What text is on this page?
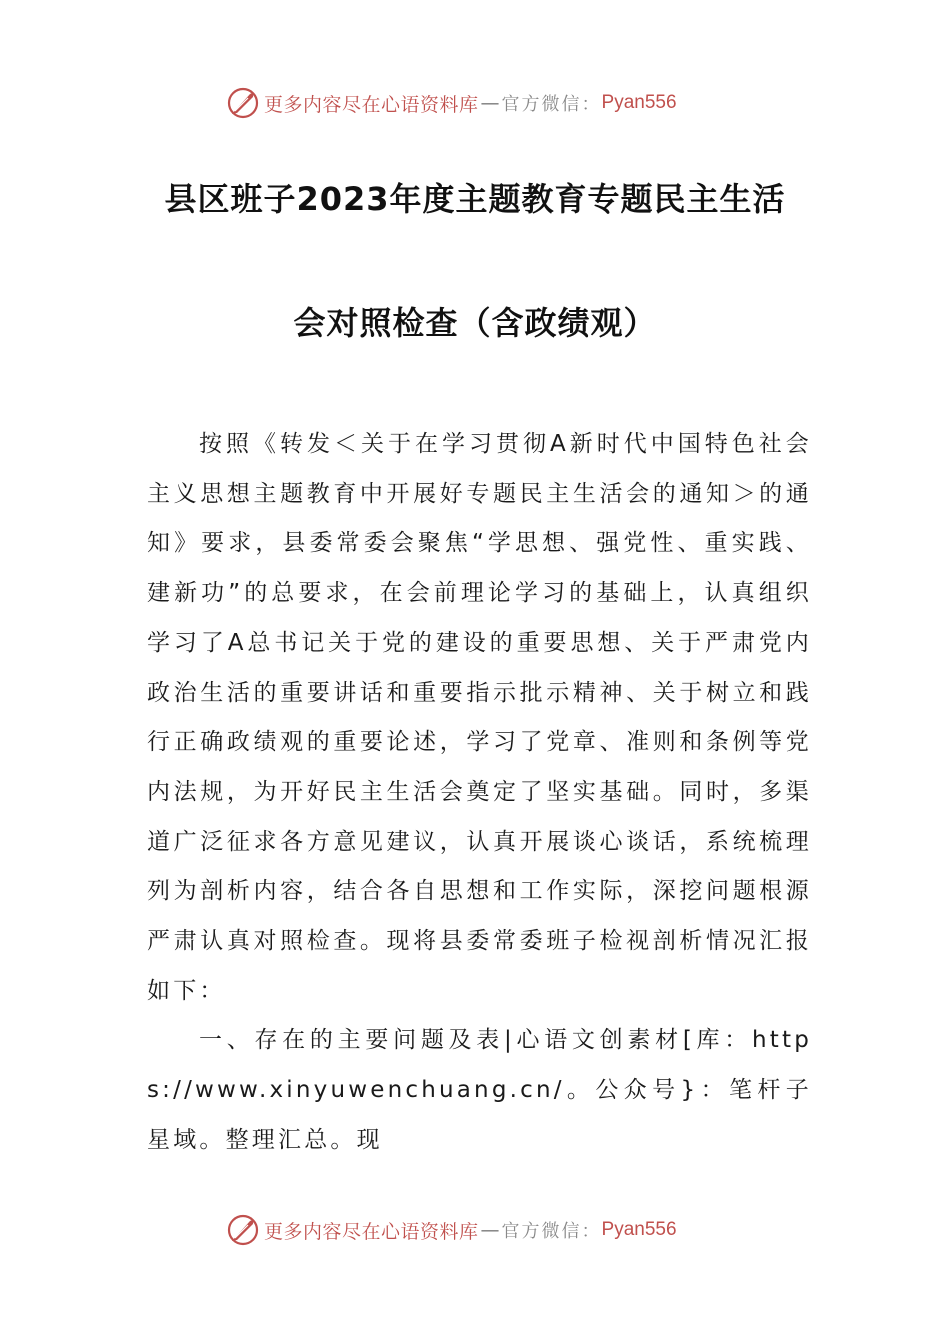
更多内容尽在心语资料库 — 官方微信： Pyan556
县区班子2023年度主题教育专题民主生活
会对照检查（含政绩观）

按照《转发＜关于在学习贯彻A新时代中国特色社会主义思想主题教育中开展好专题民主生活会的通知＞的通知》要求，县委常委会聚焦“学思想、强党性、重实践、建新功”的总要求，在会前理论学习的基础上，认真组织学习了A总书记关于党的建设的重要思想、关于严肃党内政治生活的重要讲话和重要指示批示精神、关于树立和践行正确政绩观的重要论述，学习了党章、准则和条例等党内法规，为开好民主生活会奠定了坚实基础。同时，多渠道广泛征求各方意见建议，认真开展谈心谈话，系统梳理列为剖析内容，结合各自思想和工作实际，深挖问题根源严肃认真对照检查。现将县委常委班子检视剖析情况汇报如下：

一、存在的主要问题及表|心语文创素材[库：https://www.xinyuwenchuang.cn/。公众号}：笔杆子星域。整理汇总。现

更多内容尽在心语资料库 — 官方微信： Pyan556
